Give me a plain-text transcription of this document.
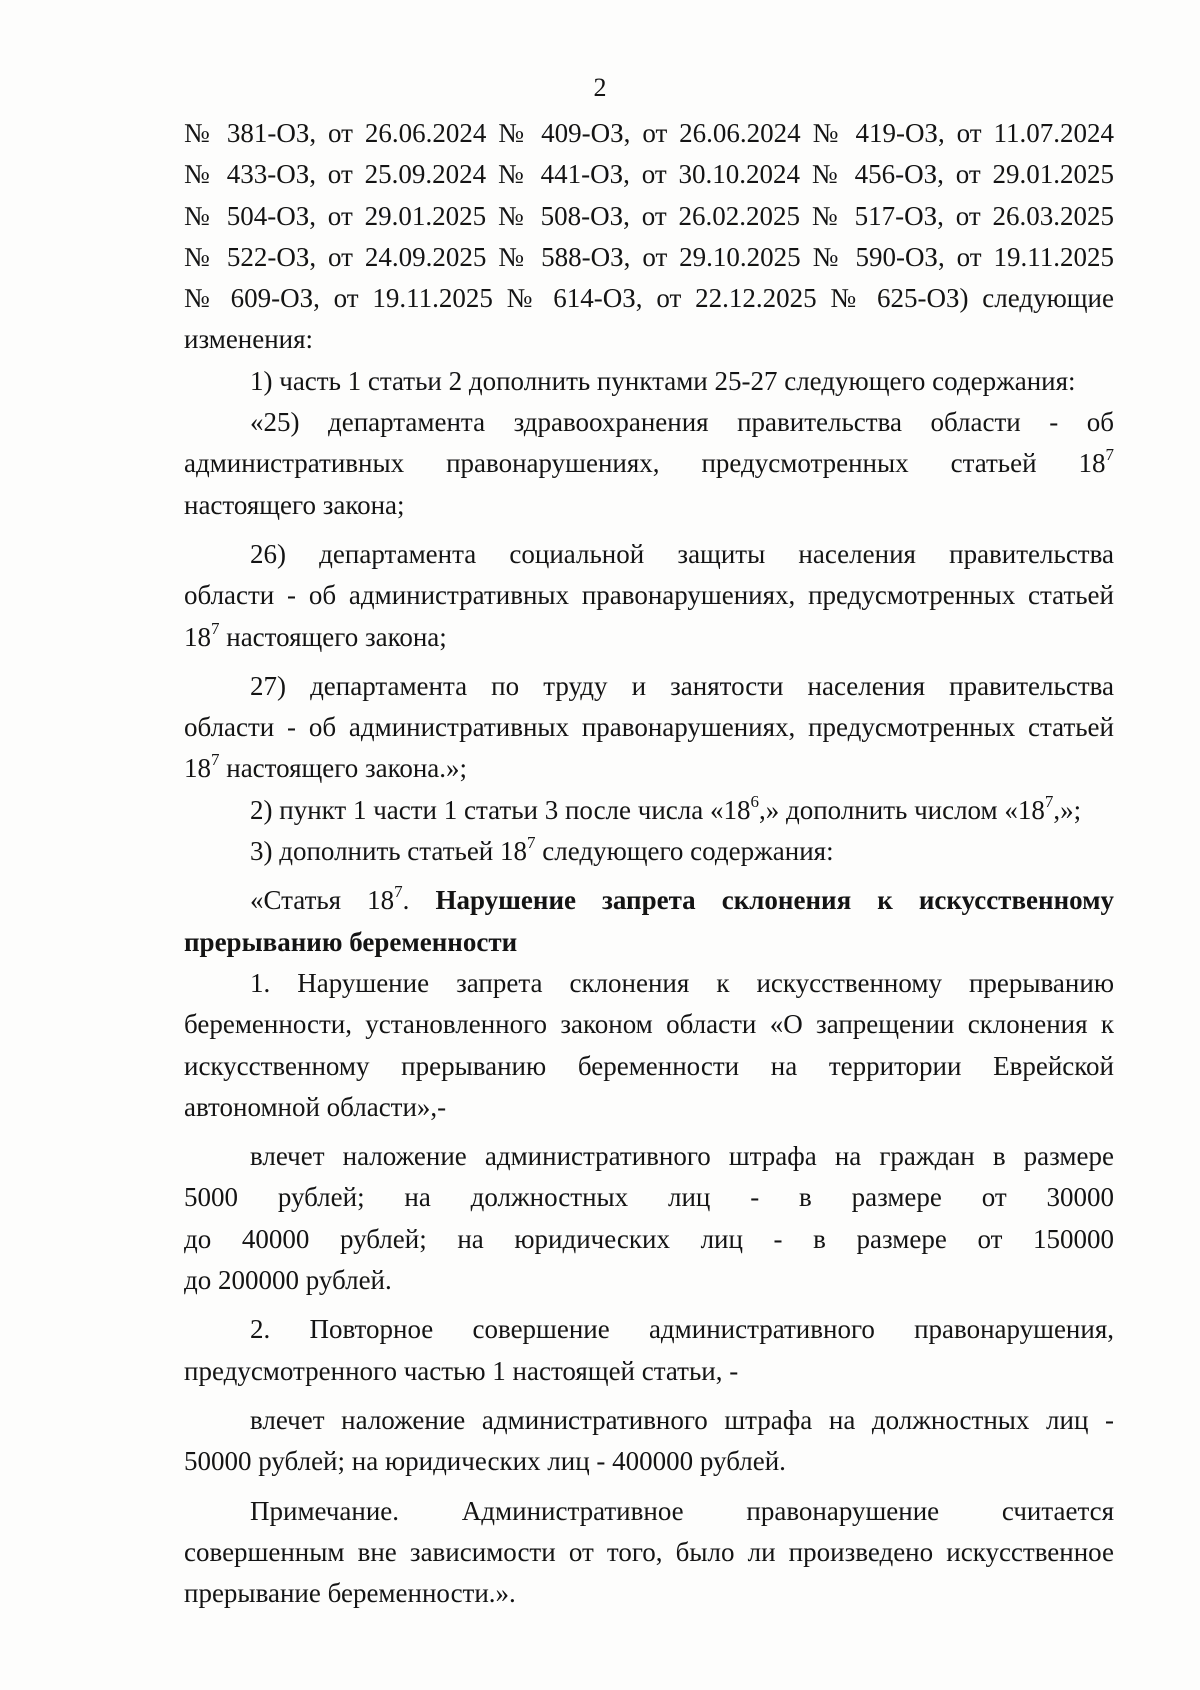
2
№ 381-ОЗ, от 26.06.2024 № 409-ОЗ, от 26.06.2024 № 419-ОЗ, от 11.07.2024
№ 433-ОЗ, от 25.09.2024 № 441-ОЗ, от 30.10.2024 № 456-ОЗ, от 29.01.2025
№ 504-ОЗ, от 29.01.2025 № 508-ОЗ, от 26.02.2025 № 517-ОЗ, от 26.03.2025
№ 522-ОЗ, от 24.09.2025 № 588-ОЗ, от 29.10.2025 № 590-ОЗ, от 19.11.2025
№ 609-ОЗ, от 19.11.2025 № 614-ОЗ, от 22.12.2025 № 625-ОЗ) следующие
изменения:
1) часть 1 статьи 2 дополнить пунктами 25-27 следующего содержания:
«25) департамента здравоохранения правительства области - об
административных правонарушениях, предусмотренных статьей $18^7$
настоящего закона;
26) департамента социальной защиты населения правительства
области - об административных правонарушениях, предусмотренных статьей
$18^7$ настоящего закона;
27) департамента по труду и занятости населения правительства
области - об административных правонарушениях, предусмотренных статьей
$18^7$ настоящего закона.»;
2) пункт 1 части 1 статьи 3 после числа «$18^6$,» дополнить числом «$18^7$,»;
3) дополнить статьей $18^7$ следующего содержания:
«Статья $18^7$. Нарушение запрета склонения к искусственному
прерыванию беременности
1. Нарушение запрета склонения к искусственному прерыванию
беременности, установленного законом области «О запрещении склонения к
искусственному прерыванию беременности на территории Еврейской
автономной области»,-
влечет наложение административного штрафа на граждан в размере
5000 рублей; на должностных лиц - в размере от 30000
до 40000 рублей; на юридических лиц - в размере от 150000
до 200000 рублей.
2. Повторное совершение административного правонарушения,
предусмотренного частью 1 настоящей статьи, -
влечет наложение административного штрафа на должностных лиц -
50000 рублей; на юридических лиц - 400000 рублей.
Примечание. Административное правонарушение считается
совершенным вне зависимости от того, было ли произведено искусственное
прерывание беременности.».
